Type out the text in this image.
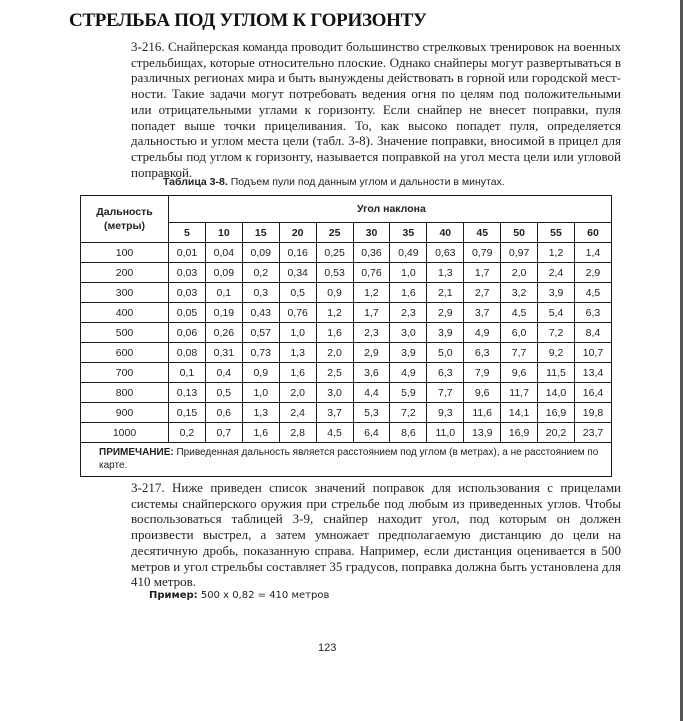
СТРЕЛЬБА ПОД УГЛОМ К ГОРИЗОНТУ

3-216. Снайперская команда проводит большинство стрелковых тренировок на военных стрельбищах, которые относительно плоские. Однако снайперы могут развертываться в различных регионах мира и быть вынуждены действовать в горной или городской местности. Такие задачи могут потребовать ведения огня по целям под положительными или отрицательными углами к горизонту. Если снайпер не внесет поправки, пуля попадет выше точки прицеливания. То, как высоко попадет пуля, определяется дальностью и углом места цели (табл. 3-8). Значение поправки, вносимой в прицел для стрельбы под углом к горизонту, называется поправкой на угол места цели или угловой поправкой.

Таблица 3-8. Подъем пули под данным углом и дальности в минутах.

Дальность (метры)	Угол наклона											
	5	10	15	20	25	30	35	40	45	50	55	60
100	0,01	0,04	0,09	0,16	0,25	0,36	0,49	0,63	0,79	0,97	1,2	1,4
200	0,03	0,09	0,2	0,34	0,53	0,76	1,0	1,3	1,7	2,0	2,4	2,9
300	0,03	0,1	0,3	0,5	0,9	1,2	1,6	2,1	2,7	3,2	3,9	4,5
400	0,05	0,19	0,43	0,76	1,2	1,7	2,3	2,9	3,7	4,5	5,4	6,3
500	0,06	0,26	0,57	1,0	1,6	2,3	3,0	3,9	4,9	6,0	7,2	8,4
600	0,08	0,31	0,73	1,3	2,0	2,9	3,9	5,0	6,3	7,7	9,2	10,7
700	0,1	0,4	0,9	1,6	2,5	3,6	4,9	6,3	7,9	9,6	11,5	13,4
800	0,13	0,5	1,0	2,0	3,0	4,4	5,9	7,7	9,6	11,7	14,0	16,4
900	0,15	0,6	1,3	2,4	3,7	5,3	7,2	9,3	11,6	14,1	16,9	19,8
1000	0,2	0,7	1,6	2,8	4,5	6,4	8,6	11,0	13,9	16,9	20,2	23,7
ПРИМЕЧАНИЕ: Приведенная дальность является расстоянием под углом (в метрах), а не расстоянием по карте.												

3-217. Ниже приведен список значений поправок для использования с прицелами системы снайперского оружия при стрельбе под любым из приведенных углов. Чтобы воспользоваться таблицей 3-9, снайпер находит угол, под которым он должен произвести выстрел, а затем умножает предполагаемую дистанцию до цели на десятичную дробь, показанную справа. Например, если дистанция оценивается в 500 метров и угол стрельбы составляет 35 градусов, поправка должна быть установлена для 410 метров.

Пример: 500 x 0,82 = 410 метров

123
